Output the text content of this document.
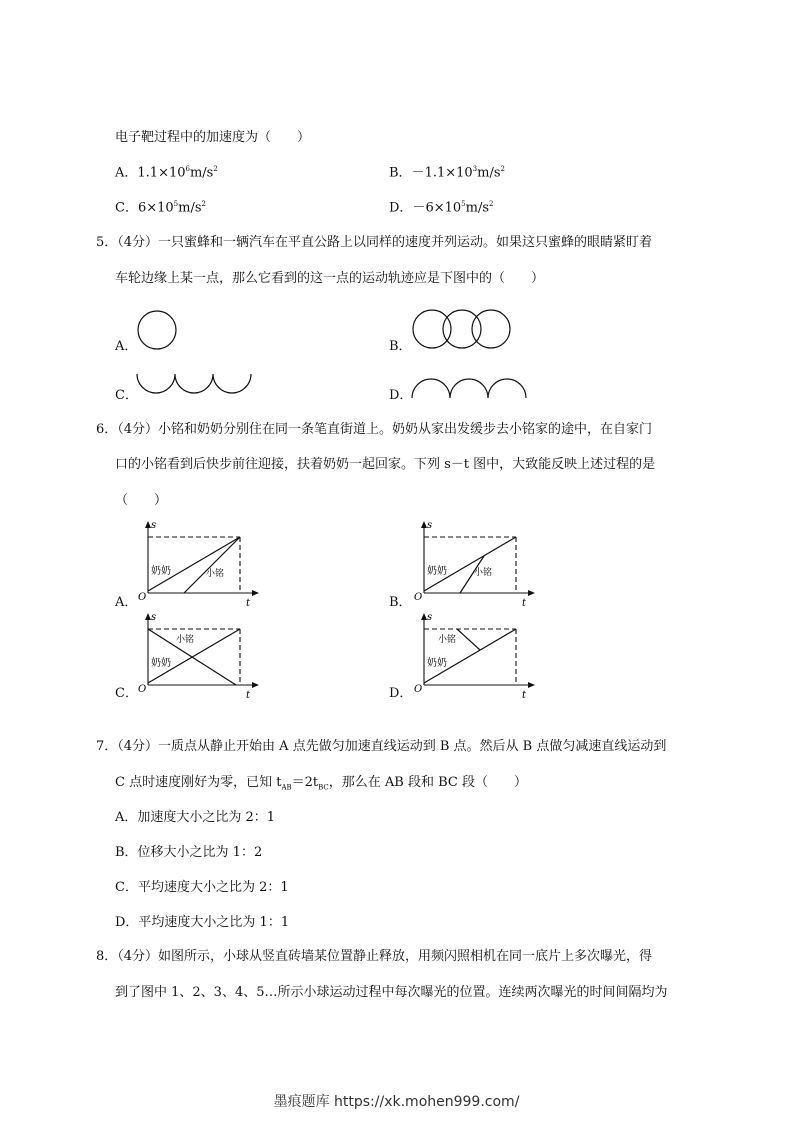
电子靶过程中的加速度为（　　）
A．$1.1\times 10^6m/s^2$	B．$-1.1\times 10^3m/s^2$
C．$6\times 10^5m/s^2$	D．$-6\times 10^5m/s^2$
5．（4分）一只蜜蜂和一辆汽车在平直公路上以同样的速度并列运动。如果这只蜜蜂的眼睛紧盯着
车轮边缘上某一点，那么它看到的这一点的运动轨迹应是下图中的（　　）
A．	B．
C．	D．
6．（4分）小铭和奶奶分别住在同一条笔直街道上。奶奶从家出发缓步去小铭家的途中，在自家门
口的小铭看到后快步前往迎接，扶着奶奶一起回家。下列 s－t 图中，大致能反映上述过程的是
（　　）
A．
s
t
O
奶奶	小铭
B．
s
t
O
奶奶	小铭
C．
s
t
O
奶奶
小铭
D．
s
t
O
奶奶
小铭
7．（4分）一质点从静止开始由 A 点先做匀加速直线运动到 B 点。然后从 B 点做匀减速直线运动到
C 点时速度刚好为零，已知 $t_{AB}=2t_{BC}$，那么在 AB 段和 BC 段（　　）
A．加速度大小之比为 2：1
B．位移大小之比为 1：2
C．平均速度大小之比为 2：1
D．平均速度大小之比为 1：1
8．（4分）如图所示，小球从竖直砖墙某位置静止释放，用频闪照相机在同一底片上多次曝光，得
到了图中 1、2、3、4、5…所示小球运动过程中每次曝光的位置。连续两次曝光的时间间隔均为
墨痕题库 https://xk.mohen999.com/
